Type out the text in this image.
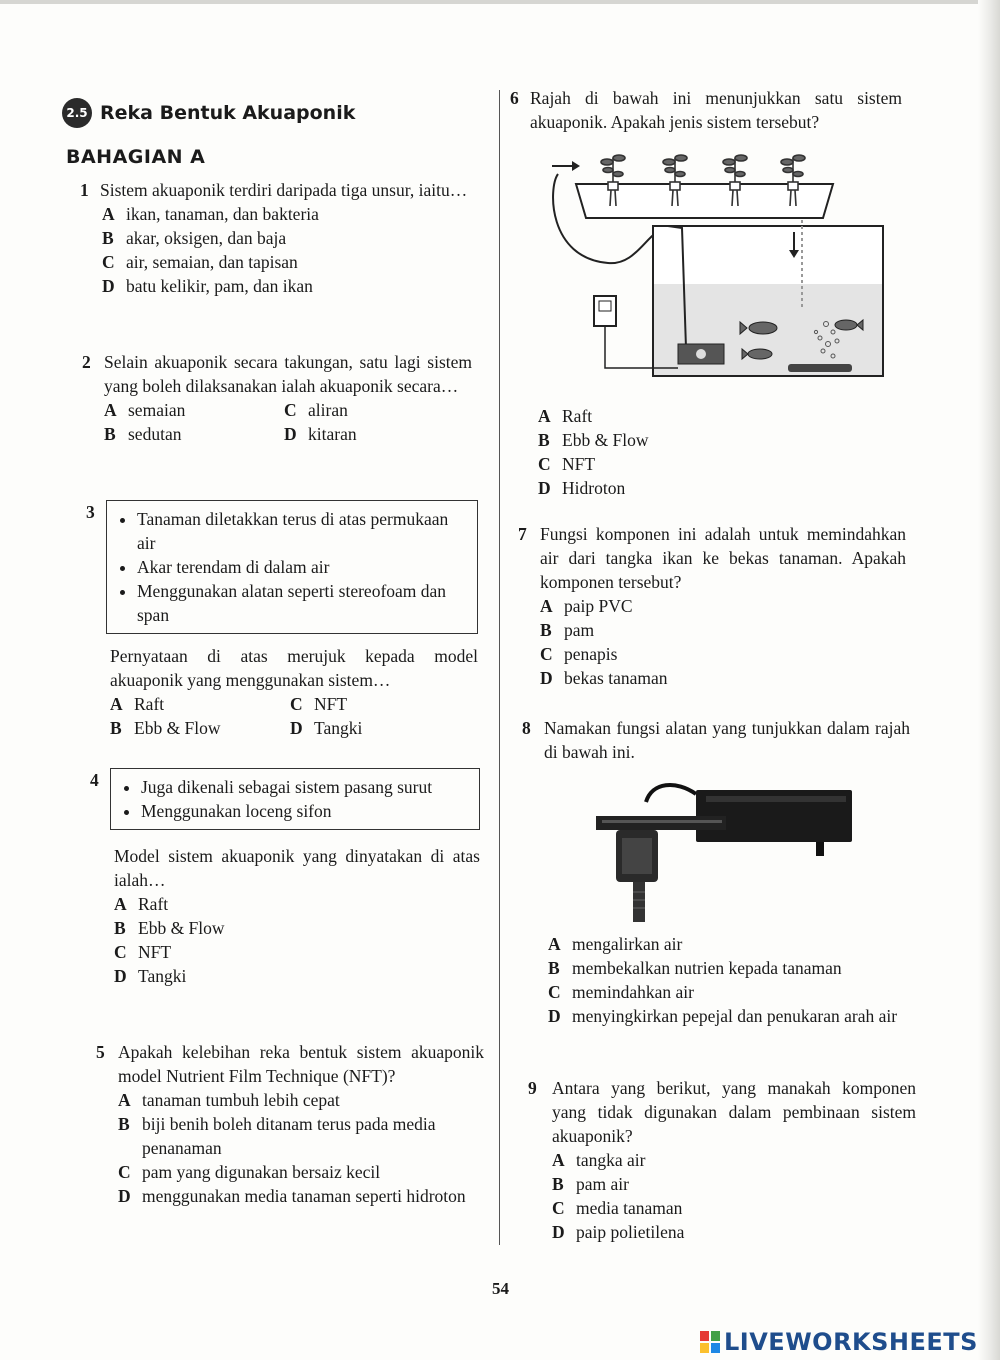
2.5 Reka Bentuk Akuaponik
BAHAGIAN A
1 Sistem akuaponik terdiri daripada tiga unsur, iaitu…
A ikan, tanaman, dan bakteria
B akar, oksigen, dan baja
C air, semaian, dan tapisan
D batu kelikir, pam, dan ikan
2 Selain akuaponik secara takungan, satu lagi sistem yang boleh dilaksanakan ialah akuaponik secara…
A semaian	C aliran
B sedutan	D kitaran
3 • Tanaman diletakkan terus di atas permukaan air
• Akar terendam di dalam air
• Menggunakan alatan seperti stereofoam dan span
Pernyataan di atas merujuk kepada model akuaponik yang menggunakan sistem…
A Raft	C NFT
B Ebb & Flow	D Tangki
4 • Juga dikenali sebagai sistem pasang surut
• Menggunakan loceng sifon
Model sistem akuaponik yang dinyatakan di atas ialah…
A Raft
B Ebb & Flow
C NFT
D Tangki
5 Apakah kelebihan reka bentuk sistem akuaponik model Nutrient Film Technique (NFT)?
A tanaman tumbuh lebih cepat
B biji benih boleh ditanam terus pada media penanaman
C pam yang digunakan bersaiz kecil
D menggunakan media tanaman seperti hidroton
6 Rajah di bawah ini menunjukkan satu sistem akuaponik. Apakah jenis sistem tersebut?
A Raft
B Ebb & Flow
C NFT
D Hidroton
7 Fungsi komponen ini adalah untuk memindahkan air dari tangka ikan ke bekas tanaman. Apakah komponen tersebut?
A paip PVC
B pam
C penapis
D bekas tanaman
8 Namakan fungsi alatan yang tunjukkan dalam rajah di bawah ini.
A mengalirkan air
B membekalkan nutrien kepada tanaman
C memindahkan air
D menyingkirkan pepejal dan penukaran arah air
9 Antara yang berikut, yang manakah komponen yang tidak digunakan dalam pembinaan sistem akuaponik?
A tangka air
B pam air
C media tanaman
D paip polietilena
54
LIVEWORKSHEETS
